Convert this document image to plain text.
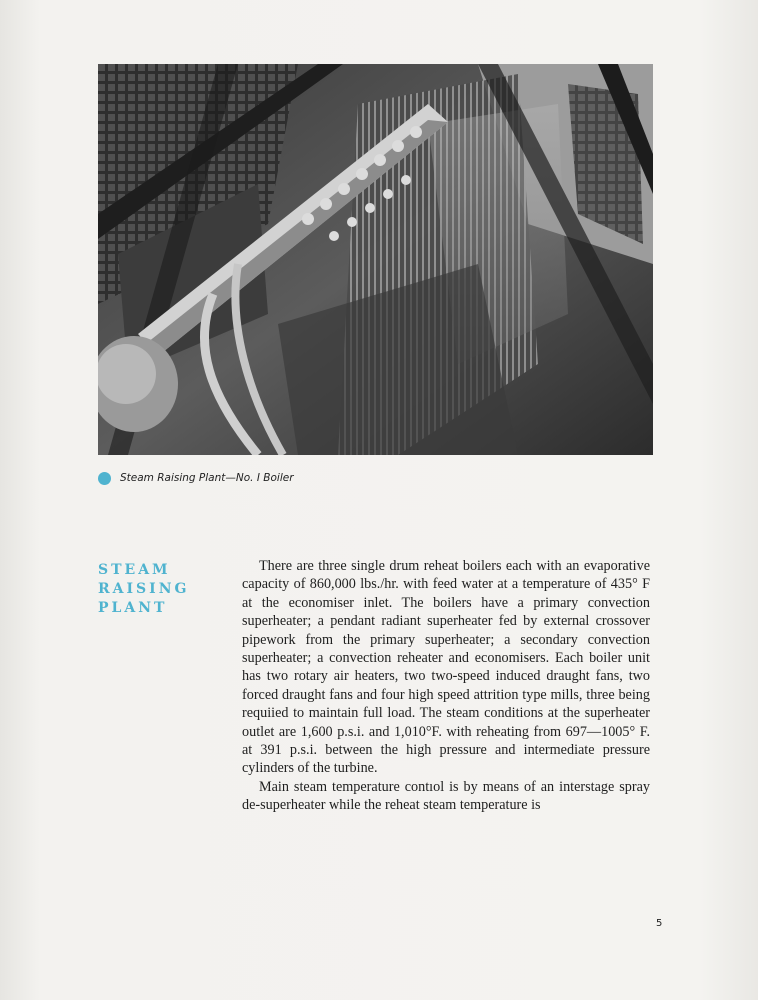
Steam Raising Plant—No. I Boiler
STEAM
RAISING
PLANT

There are three single drum reheat boilers each with an evaporative capacity of 860,000 lbs./hr. with feed water at a temperature of 435° F at the economiser inlet. The boilers have a primary convection superheater; a pendant radiant superheater fed by external crossover pipework from the primary superheater; a secondary convection superheater; a convection reheater and economisers. Each boiler unit has two rotary air heaters, two two-speed induced draught fans, two forced draught fans and four high speed attrition type mills, three being requiied to maintain full load. The steam conditions at the superheater outlet are 1,600 p.s.i. and 1,010°F. with reheating from 697—1005° F. at 391 p.s.i. between the high pressure and intermediate pressure cylinders of the turbine.

Main steam temperature contıol is by means of an interstage spray de-superheater while the reheat steam temperature is

5
